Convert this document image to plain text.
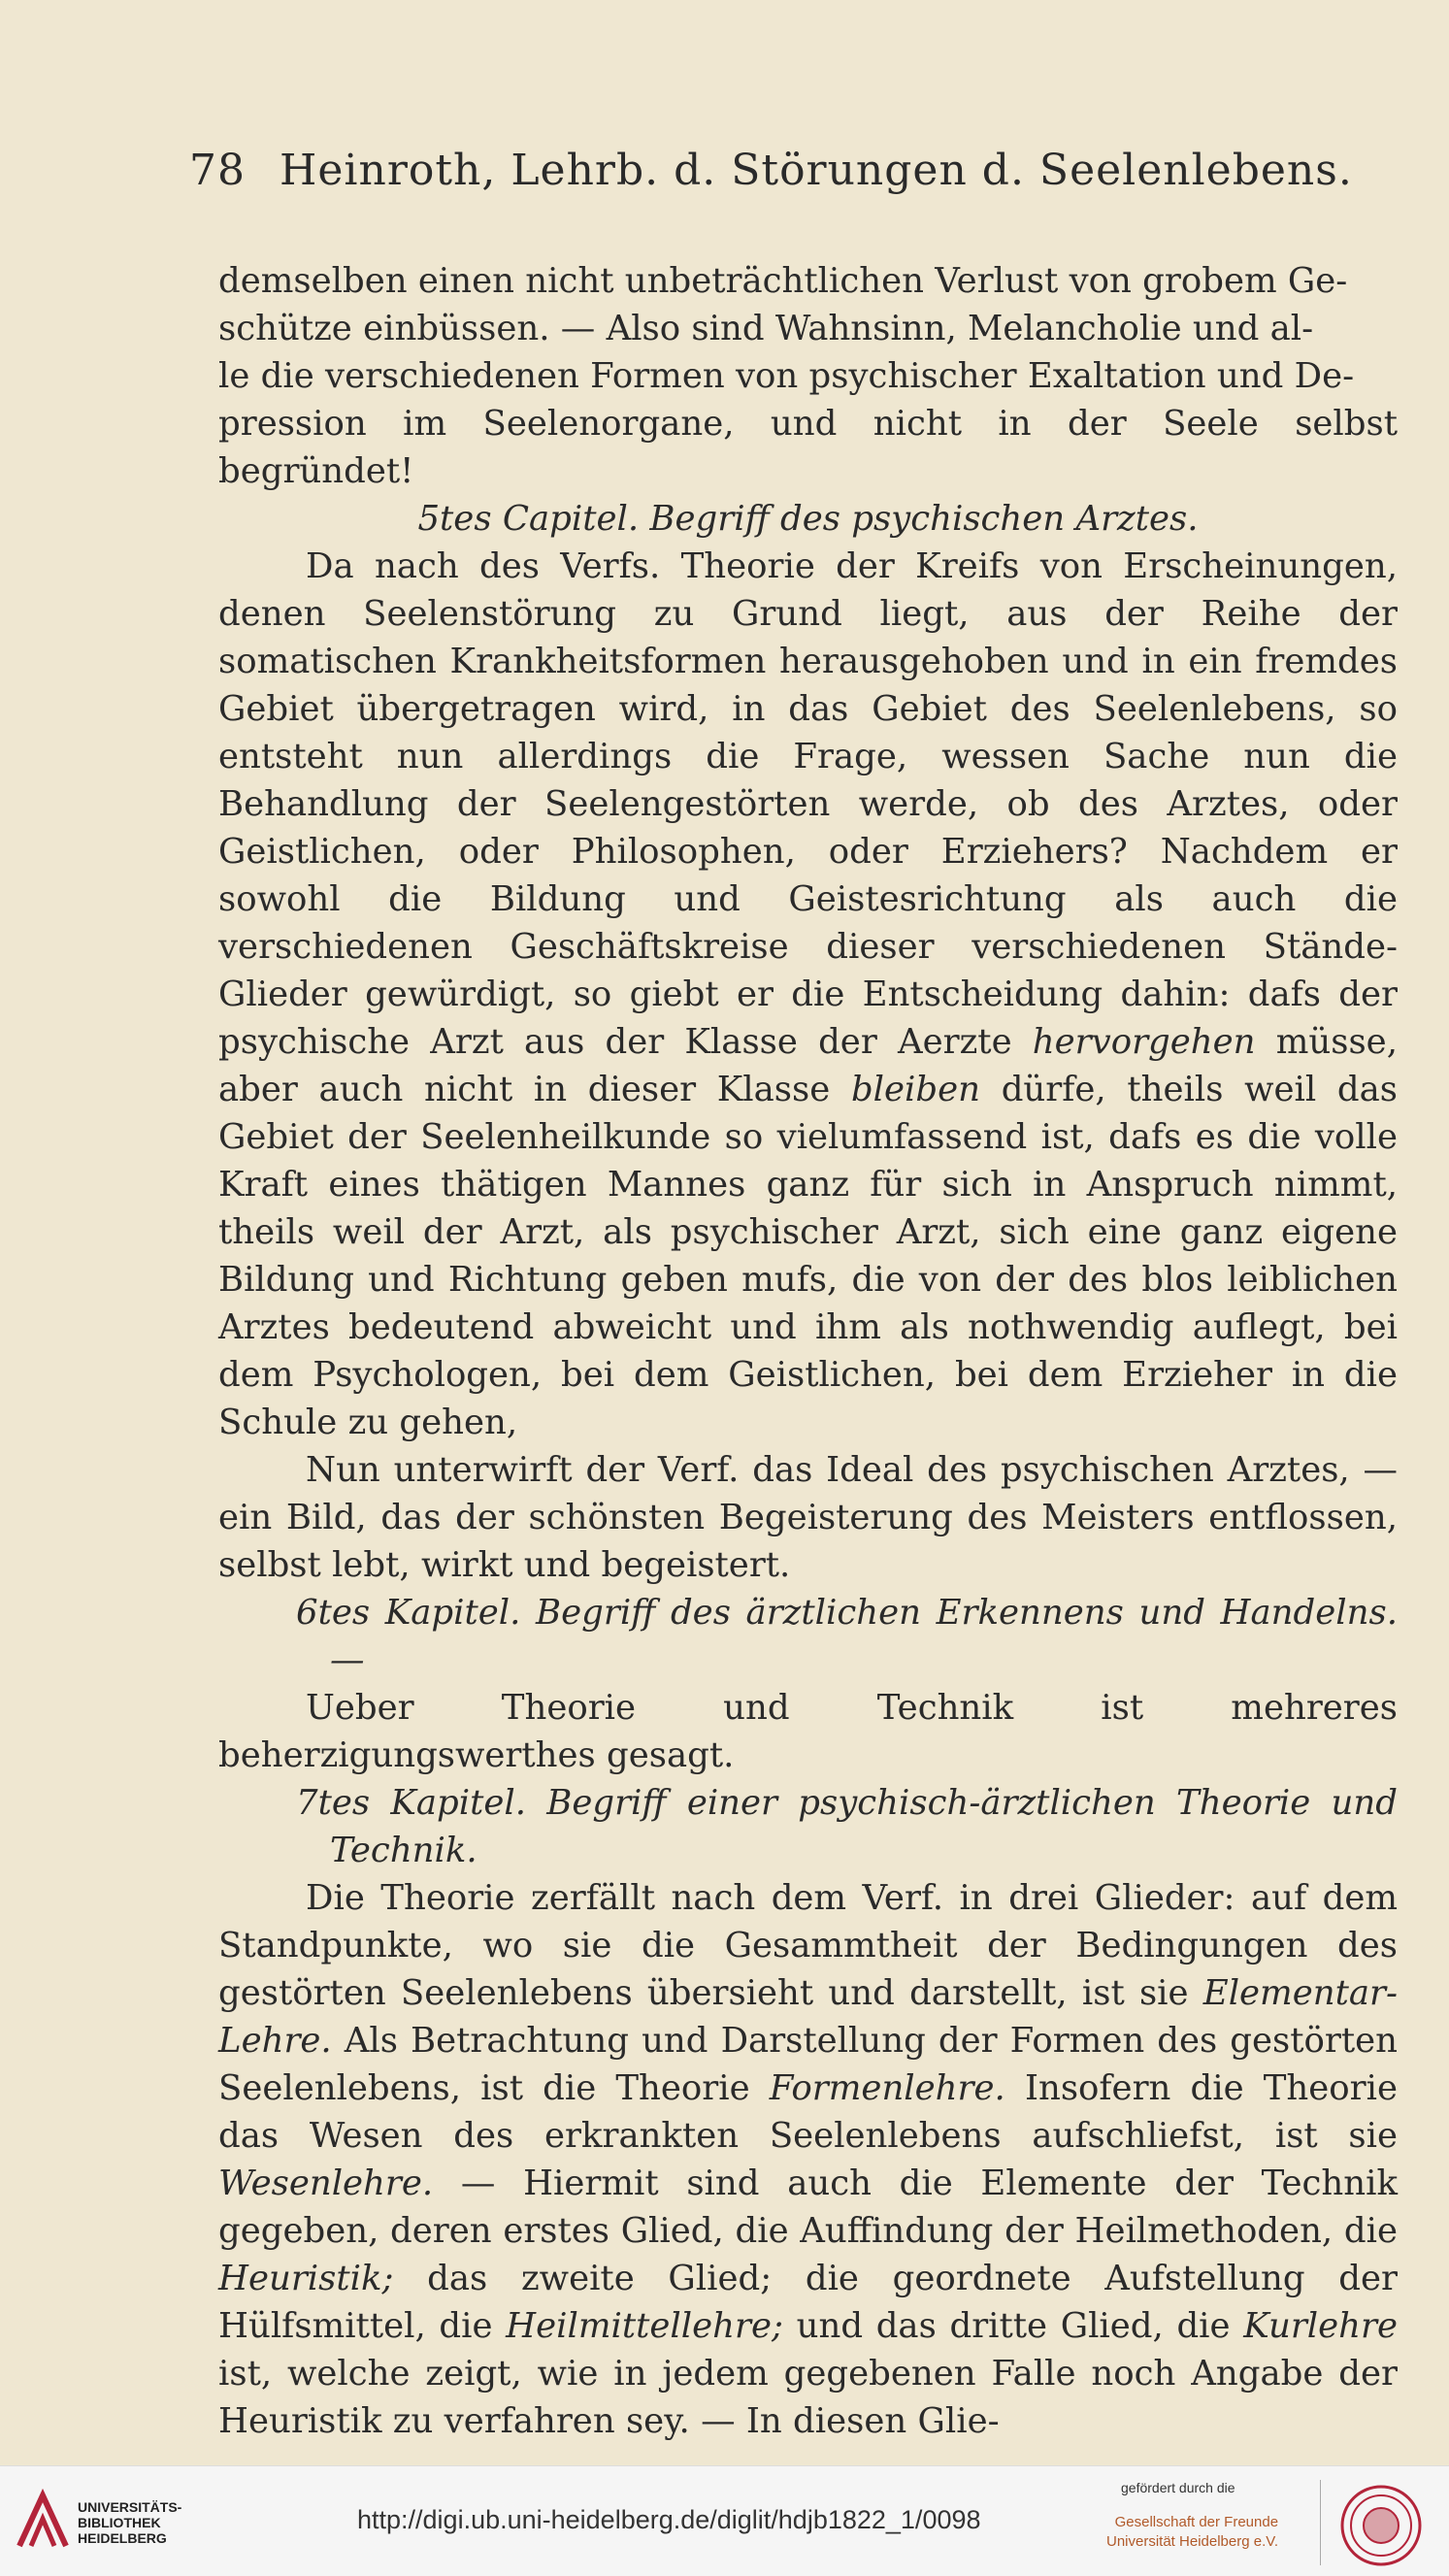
78 Heinroth, Lehrb. d. Störungen d. Seelenlebens.

demselben einen nicht unbeträchtlichen Verlust von grobem Ge-

schütze einbüssen. — Also sind Wahnsinn, Melancholie und al-

le die verschiedenen Formen von psychischer Exaltation und De-

pression im Seelenorgane, und nicht in der Seele selbst begründet!

5tes Capitel. Begriff des psychischen Arztes.

Da nach des Verfs. Theorie der Kreifs von Erscheinungen, denen Seelenstörung zu Grund liegt, aus der Reihe der somatischen Krankheitsformen herausgehoben und in ein fremdes Gebiet übergetragen wird, in das Gebiet des Seelenlebens, so entsteht nun allerdings die Frage, wessen Sache nun die Behandlung der Seelengestörten werde, ob des Arztes, oder Geistlichen, oder Philosophen, oder Erziehers? Nachdem er sowohl die Bildung und Geistesrichtung als auch die verschiedenen Geschäftskreise dieser verschiedenen Stände-Glieder gewürdigt, so giebt er die Entscheidung dahin: dafs der psychische Arzt aus der Klasse der Aerzte hervorgehen müsse, aber auch nicht in dieser Klasse bleiben dürfe, theils weil das Gebiet der Seelenheilkunde so vielumfassend ist, dafs es die volle Kraft eines thätigen Mannes ganz für sich in Anspruch nimmt, theils weil der Arzt, als psychischer Arzt, sich eine ganz eigene Bildung und Richtung geben mufs, die von der des blos leiblichen Arztes bedeutend abweicht und ihm als nothwendig auflegt, bei dem Psychologen, bei dem Geistlichen, bei dem Erzieher in die Schule zu gehen,

Nun unterwirft der Verf. das Ideal des psychischen Arztes, — ein Bild, das der schönsten Begeisterung des Meisters entflossen, selbst lebt, wirkt und begeistert.

6tes Kapitel. Begriff des ärztlichen Erkennens und Handelns. —

Ueber Theorie und Technik ist mehreres beherzigungswerthes gesagt.

7tes Kapitel. Begriff einer psychisch-ärztlichen Theorie und Technik.

Die Theorie zerfällt nach dem Verf. in drei Glieder: auf dem Standpunkte, wo sie die Gesammtheit der Bedingungen des gestörten Seelenlebens übersieht und darstellt, ist sie Elementar-Lehre. Als Betrachtung und Darstellung der Formen des gestörten Seelenlebens, ist die Theorie Formenlehre. Insofern die Theorie das Wesen des erkrankten Seelenlebens aufschliefst, ist sie Wesenlehre. — Hiermit sind auch die Elemente der Technik gegeben, deren erstes Glied, die Auffindung der Heilmethoden, die Heuristik; das zweite Glied; die geordnete Aufstellung der Hülfsmittel, die Heilmittellehre; und das dritte Glied, die Kurlehre ist, welche zeigt, wie in jedem gegebenen Falle noch Angabe der Heuristik zu verfahren sey. — In diesen Glie-

UNIVERSITÄTS-
BIBLIOTHEK
HEIDELBERG
http://digi.ub.uni-heidelberg.de/diglit/hdjb1822_1/0098
gefördert durch die
Gesellschaft der Freunde
Universität Heidelberg e.V.
